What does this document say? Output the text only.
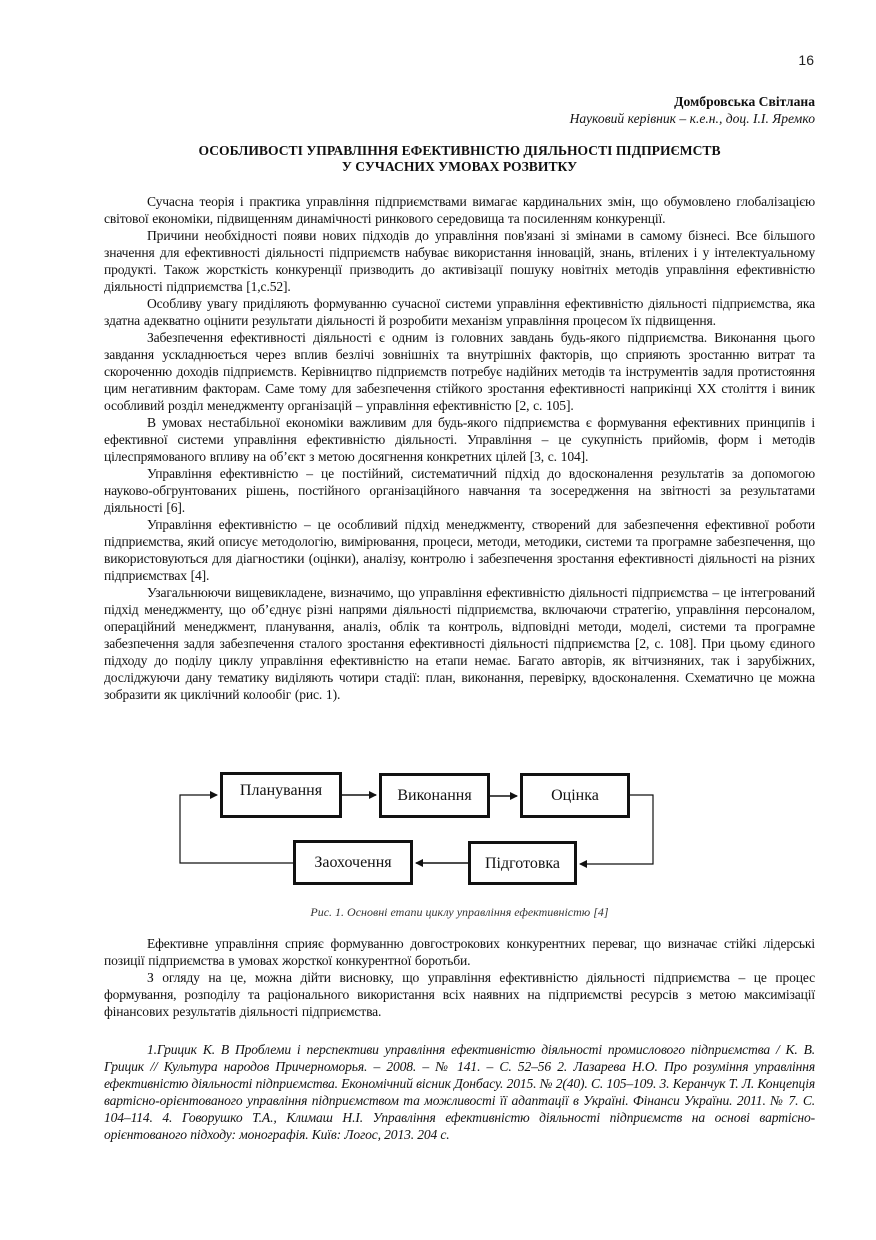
16
Домбровська Світлана
Науковий керівник – к.е.н., доц. І.І. Яремко
ОСОБЛИВОСТІ УПРАВЛІННЯ ЕФЕКТИВНІСТЮ ДІЯЛЬНОСТІ ПІДПРИЄМСТВ
У СУЧАСНИХ УМОВАХ РОЗВИТКУ

Сучасна теорія і практика управління підприємствами вимагає кардинальних змін, що обумовлено глобалізацією світової економіки, підвищенням динамічності ринкового середовища та посиленням конкуренції.

Причини необхідності появи нових підходів до управління пов'язані зі змінами в самому бізнесі. Все більшого значення для ефективності діяльності підприємств набуває використання інновацій, знань, втілених і у інтелектуальному продукті. Також жорсткість конкуренції призводить до активізації пошуку новітніх методів управління ефективністю діяльності підприємства [1,с.52].

Особливу увагу приділяють формуванню сучасної системи управління ефективністю діяльності підприємства, яка здатна адекватно оцінити результати діяльності й розробити механізм управління процесом їх підвищення.

Забезпечення ефективності діяльності є одним із головних завдань будь-якого підприємства. Виконання цього завдання ускладнюється через вплив безлічі зовнішніх та внутрішніх факторів, що сприяють зростанню витрат та скороченню доходів підприємств. Керівництво підприємств потребує надійних методів та інструментів задля протистояння цим негативним факторам. Саме тому для забезпечення стійкого зростання ефективності наприкінці XX століття і виник особливий розділ менеджменту організацій – управління ефективністю [2, с. 105].

В умовах нестабільної економіки важливим для будь-якого підприємства є формування ефективних принципів і ефективної системи управління ефективністю діяльності. Управління – це сукупність прийомів, форм і методів цілеспрямованого впливу на об’єкт з метою досягнення конкретних цілей [3, с. 104].

Управління ефективністю – це постійний, систематичний підхід до вдосконалення результатів за допомогою науково-обгрунтованих рішень, постійного організаційного навчання та зосередження на звітності за результатами діяльності [6].

Управління ефективністю – це особливий підхід менеджменту, створений для забезпечення ефективної роботи підприємства, який описує методологію, вимірювання, процеси, методи, методики, системи та програмне забезпечення, що використовуються для діагностики (оцінки), аналізу, контролю і забезпечення зростання ефективності діяльності на різних підприємствах [4].

Узагальнюючи вищевикладене, визначимо, що управління ефективністю діяльності підприємства – це інтегрований підхід менеджменту, що об’єднує різні напрями діяльності підприємства, включаючи стратегію, управління персоналом, операційний менеджмент, планування, аналіз, облік та контроль, відповідні методи, моделі, системи та програмне забезпечення задля забезпечення сталого зростання ефективності діяльності підприємства [2, с. 108]. При цьому єдиного підходу до поділу циклу управління ефективністю на етапи немає. Багато авторів, як вітчизняних, так і зарубіжних, досліджуючи дану тематику виділяють чотири стадії: план, виконання, перевірку, вдосконалення. Схематично це можна зобразити як циклічний колообіг (рис. 1).

Планування	Виконання	Оцінка
Заохочення	Підготовка
Рис. 1. Основні етапи циклу управління ефективністю [4]

Ефективне управління сприяє формуванню довгострокових конкурентних переваг, що визначає стійкі лідерські позиції підприємства в умовах жорсткої конкурентної боротьби.

З огляду на це, можна дійти висновку, що управління ефективністю діяльності підприємства – це процес формування, розподілу та раціонального використання всіх наявних на підприємстві ресурсів з метою максимізації фінансових результатів діяльності підприємства.

1.Грицик К. В Проблеми і перспективи управління ефективністю діяльності промислового підприємства / К. В. Грицик // Культура народов Причерноморья. – 2008. – № 141. – С. 52–56 2. Лазарева Н.О. Про розуміння управління ефективністю діяльності підприємства. Економічний вісник Донбасу. 2015. № 2(40). С. 105–109. 3. Керанчук Т. Л. Концепція вартісно-орієнтованого управління підприємством та можливості її адаптації в Україні. Фінанси України. 2011. № 7. С. 104–114. 4. Говорушко Т.А., Климаш Н.І. Управління ефективністю діяльності підприємств на основі вартісно-орієнтованого підходу: монографія. Київ: Логос, 2013. 204 с.
